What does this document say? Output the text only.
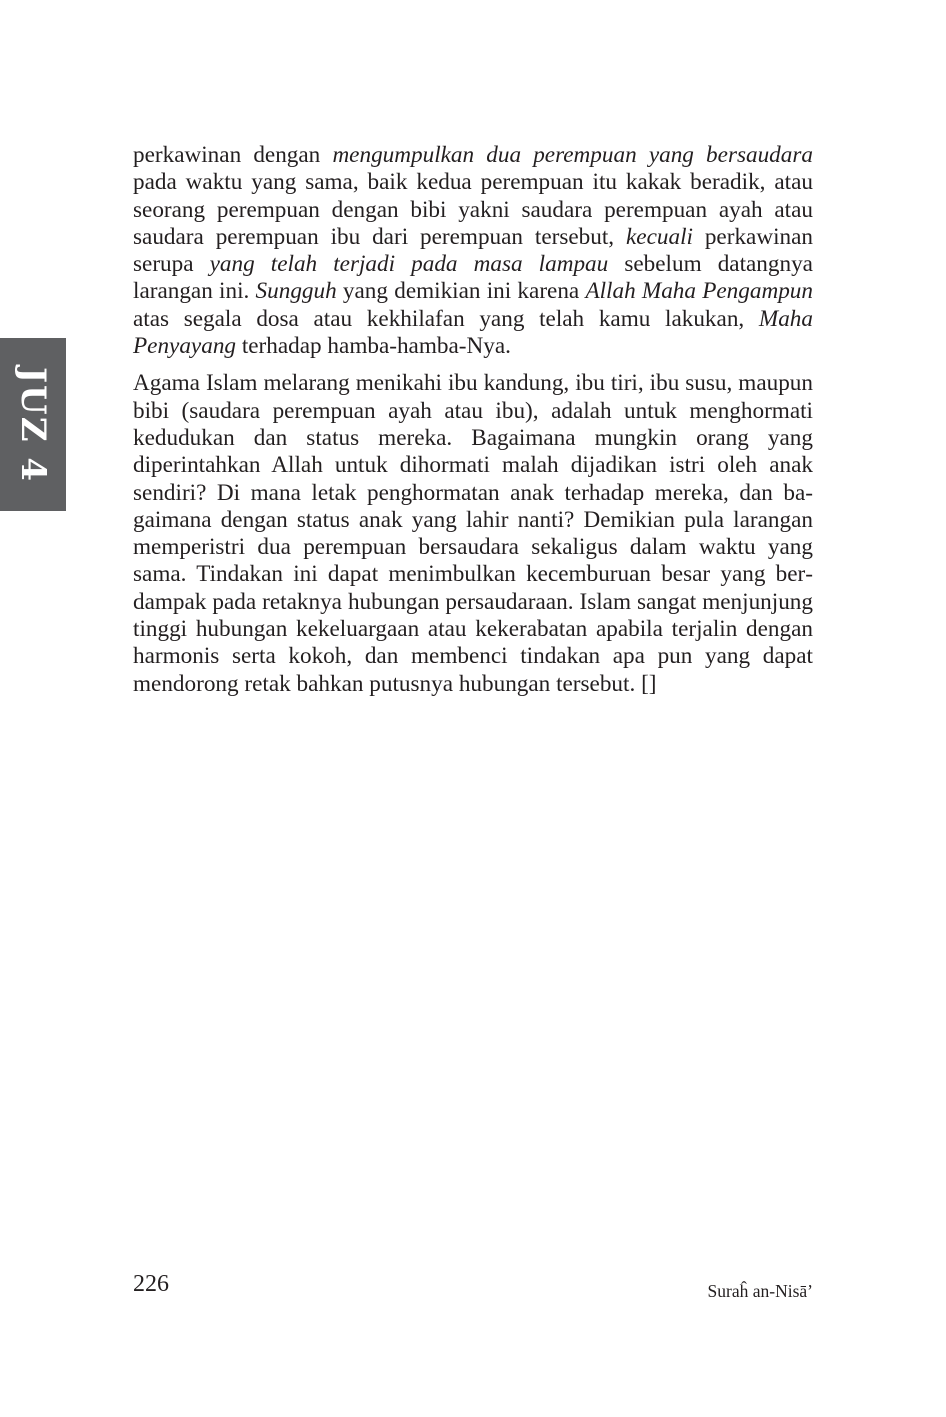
JUZ 4

perkawinan dengan mengumpulkan dua perempuan yang bersaudara pada waktu yang sama, baik kedua perempuan itu kakak beradik, atau seorang perempuan dengan bibi yakni saudara perempuan ayah atau saudara perempuan ibu dari perempuan tersebut, kecuali perkawinan serupa yang telah terjadi pada masa lampau sebelum datangnya larangan ini. Sungguh yang demikian ini karena Allah Maha Pengampun atas segala dosa atau kekhilafan yang telah kamu lakukan, Maha Penyayang terhadap hamba-hamba-Nya.

Agama Islam melarang menikahi ibu kandung, ibu tiri, ibu susu, maupun bibi (saudara perempuan ayah atau ibu), adalah untuk menghormati kedudukan dan status mereka. Bagaimana mungkin orang yang diperintahkan Allah untuk dihormati malah dijadikan istri oleh anak sendiri? Di mana letak penghormatan anak terhadap mereka, dan bagaimana dengan status anak yang lahir nanti? Demikian pula larangan memperistri dua perempuan bersaudara sekaligus dalam waktu yang sama. Tindakan ini dapat menimbulkan kecemburuan besar yang berdampak pada retaknya hubungan persaudaraan. Islam sangat menjunjung tinggi hubungan kekeluargaan atau kekerabatan apabila terjalin dengan harmonis serta kokoh, dan membenci tindakan apa pun yang dapat mendorong retak bahkan putusnya hubungan tersebut. []

226	Suraĥ an-Nisā’
